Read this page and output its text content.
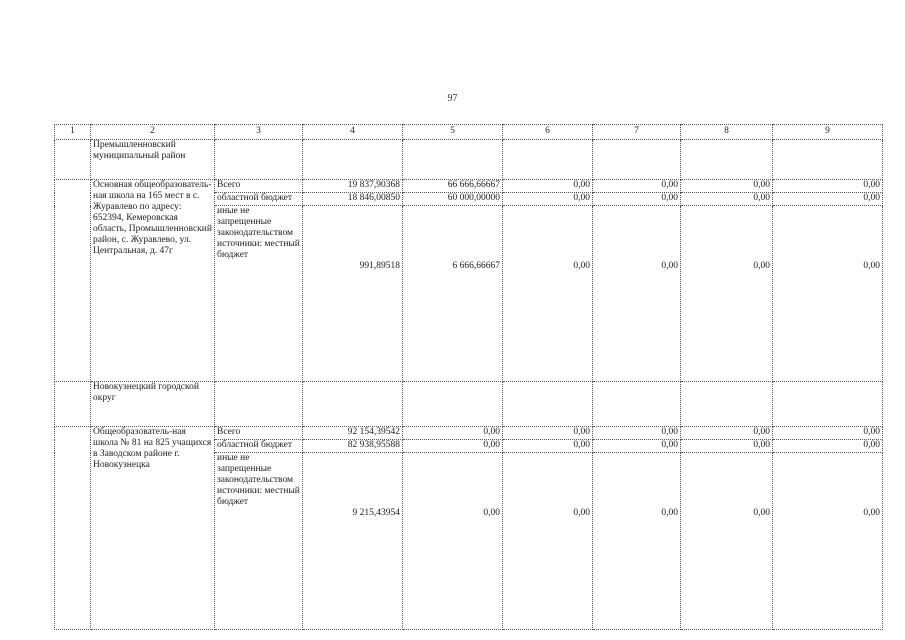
97
1	2	3	4	5	6	7	8	9
	Премышленновский муниципальный район							
	Основная общеобразователь-ная школа на 165 мест в с. Журавлево по адресу: 652394, Кемеровская область, Промышленновский район, с. Журавлево, ул. Центральная, д. 47г	Всего	19 837,90368	66 666,66667	0,00	0,00	0,00	0,00
		областной бюджет	18 846,00850	60 000,00000	0,00	0,00	0,00	0,00
		иные не запрещенные законодательством источники: местный бюджет	991,89518	6 666,66667	0,00	0,00	0,00	0,00
	Новокузнецкий городской округ							
	Общеобразователь-ная школа № 81 на 825 учащихся в Заводском районе г. Новокузнецка	Всего	92 154,39542	0,00	0,00	0,00	0,00	0,00
		областной бюджет	82 938,95588	0,00	0,00	0,00	0,00	0,00
		иные не запрещенные законодательством источники: местный бюджет	9 215,43954	0,00	0,00	0,00	0,00	0,00
